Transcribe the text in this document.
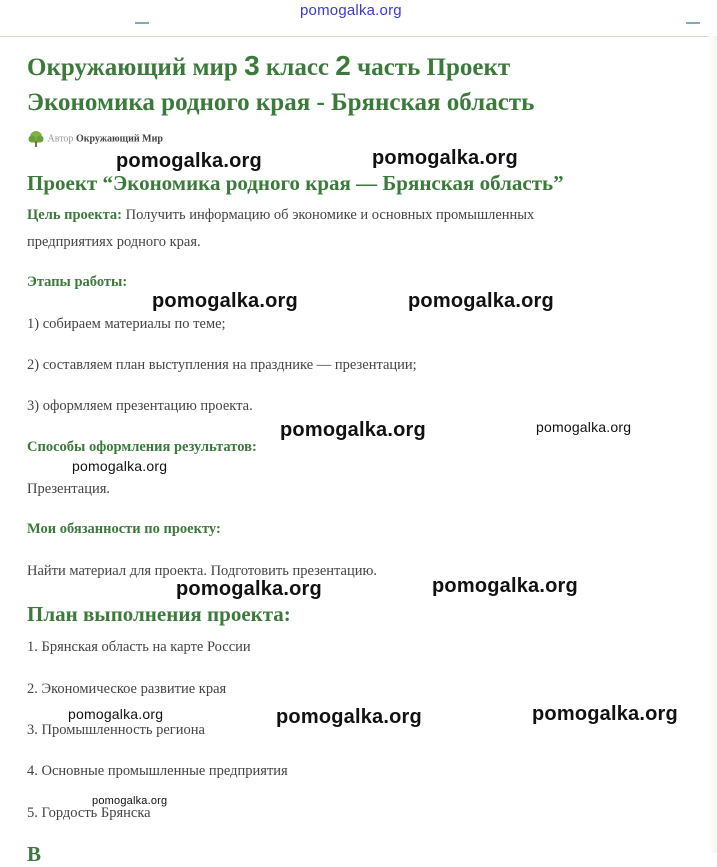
pomogalka.org
Окружающий мир 3 класс 2 часть Проект
Экономика родного края - Брянская область
Автор Окружающий Мир
Проект “Экономика родного края — Брянская область”
Цель проекта: Получить информацию об экономике и основных промышленных
предприятиях родного края.
Этапы работы:
1) собираем материалы по теме;
2) составляем план выступления на празднике — презентации;
3) оформляем презентацию проекта.
Способы оформления результатов:
Презентация.
Мои обязанности по проекту:
Найти материал для проекта. Подготовить презентацию.
План выполнения проекта:
1. Брянская область на карте России
2. Экономическое развитие края
3. Промышленность региона
4. Основные промышленные предприятия
5. Гордость Брянска
В
pomogalka.org	pomogalka.org
pomogalka.org	pomogalka.org
pomogalka.org	pomogalka.org
pomogalka.org
pomogalka.org	pomogalka.org
pomogalka.org	pomogalka.org	pomogalka.org
pomogalka.org
